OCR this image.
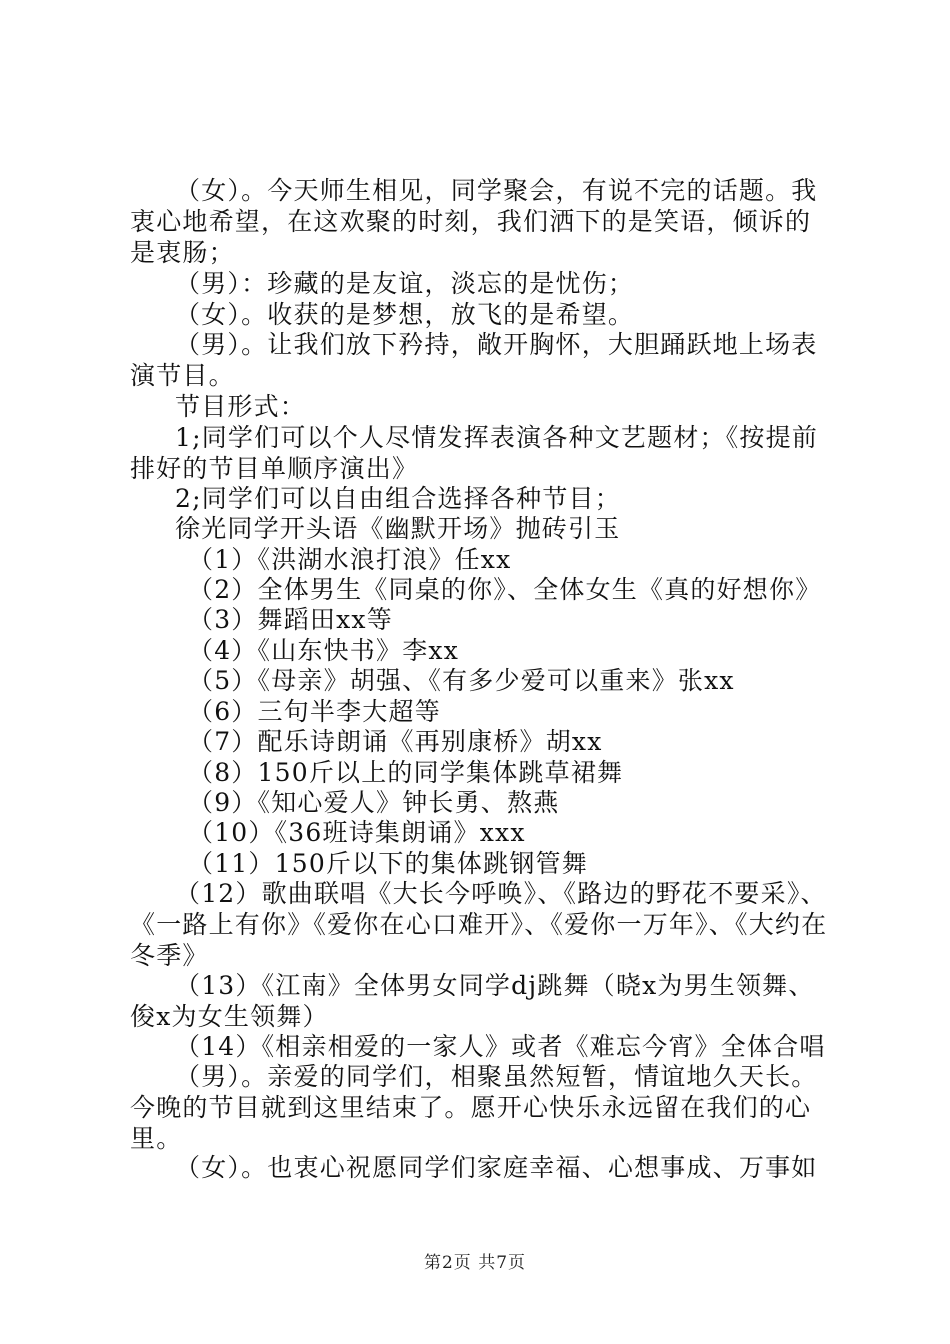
（女）。今天师生相见，同学聚会，有说不完的话题。我衷心地希望，在这欢聚的时刻，我们洒下的是笑语，倾诉的是衷肠；

（男）：珍藏的是友谊，淡忘的是忧伤；

（女）。收获的是梦想，放飞的是希望。

（男）。让我们放下矜持，敞开胸怀，大胆踊跃地上场表演节目。

节目形式：

1;同学们可以个人尽情发挥表演各种文艺题材；《按提前排好的节目单顺序演出》

2;同学们可以自由组合选择各种节目；

徐光同学开头语《幽默开场》抛砖引玉

（1）《洪湖水浪打浪》任xx

（2）全体男生《同桌的你》、全体女生《真的好想你》

（3）舞蹈田xx等

（4）《山东快书》李xx

（5）《母亲》胡强、《有多少爱可以重来》张xx

（6）三句半李大超等

（7）配乐诗朗诵《再别康桥》胡xx

（8）150斤以上的同学集体跳草裙舞

（9）《知心爱人》钟长勇、熬燕

（10）《36班诗集朗诵》xxx

（11）150斤以下的集体跳钢管舞

（12）歌曲联唱《大长今呼唤》、《路边的野花不要采》、《一路上有你》《爱你在心口难开》、《爱你一万年》、《大约在冬季》

（13）《江南》全体男女同学dj跳舞（晓x为男生领舞、俊x为女生领舞）

（14）《相亲相爱的一家人》或者《难忘今宵》全体合唱

（男）。亲爱的同学们，相聚虽然短暂，情谊地久天长。今晚的节目就到这里结束了。愿开心快乐永远留在我们的心里。

（女）。也衷心祝愿同学们家庭幸福、心想事成、万事如

第2页 共7页
